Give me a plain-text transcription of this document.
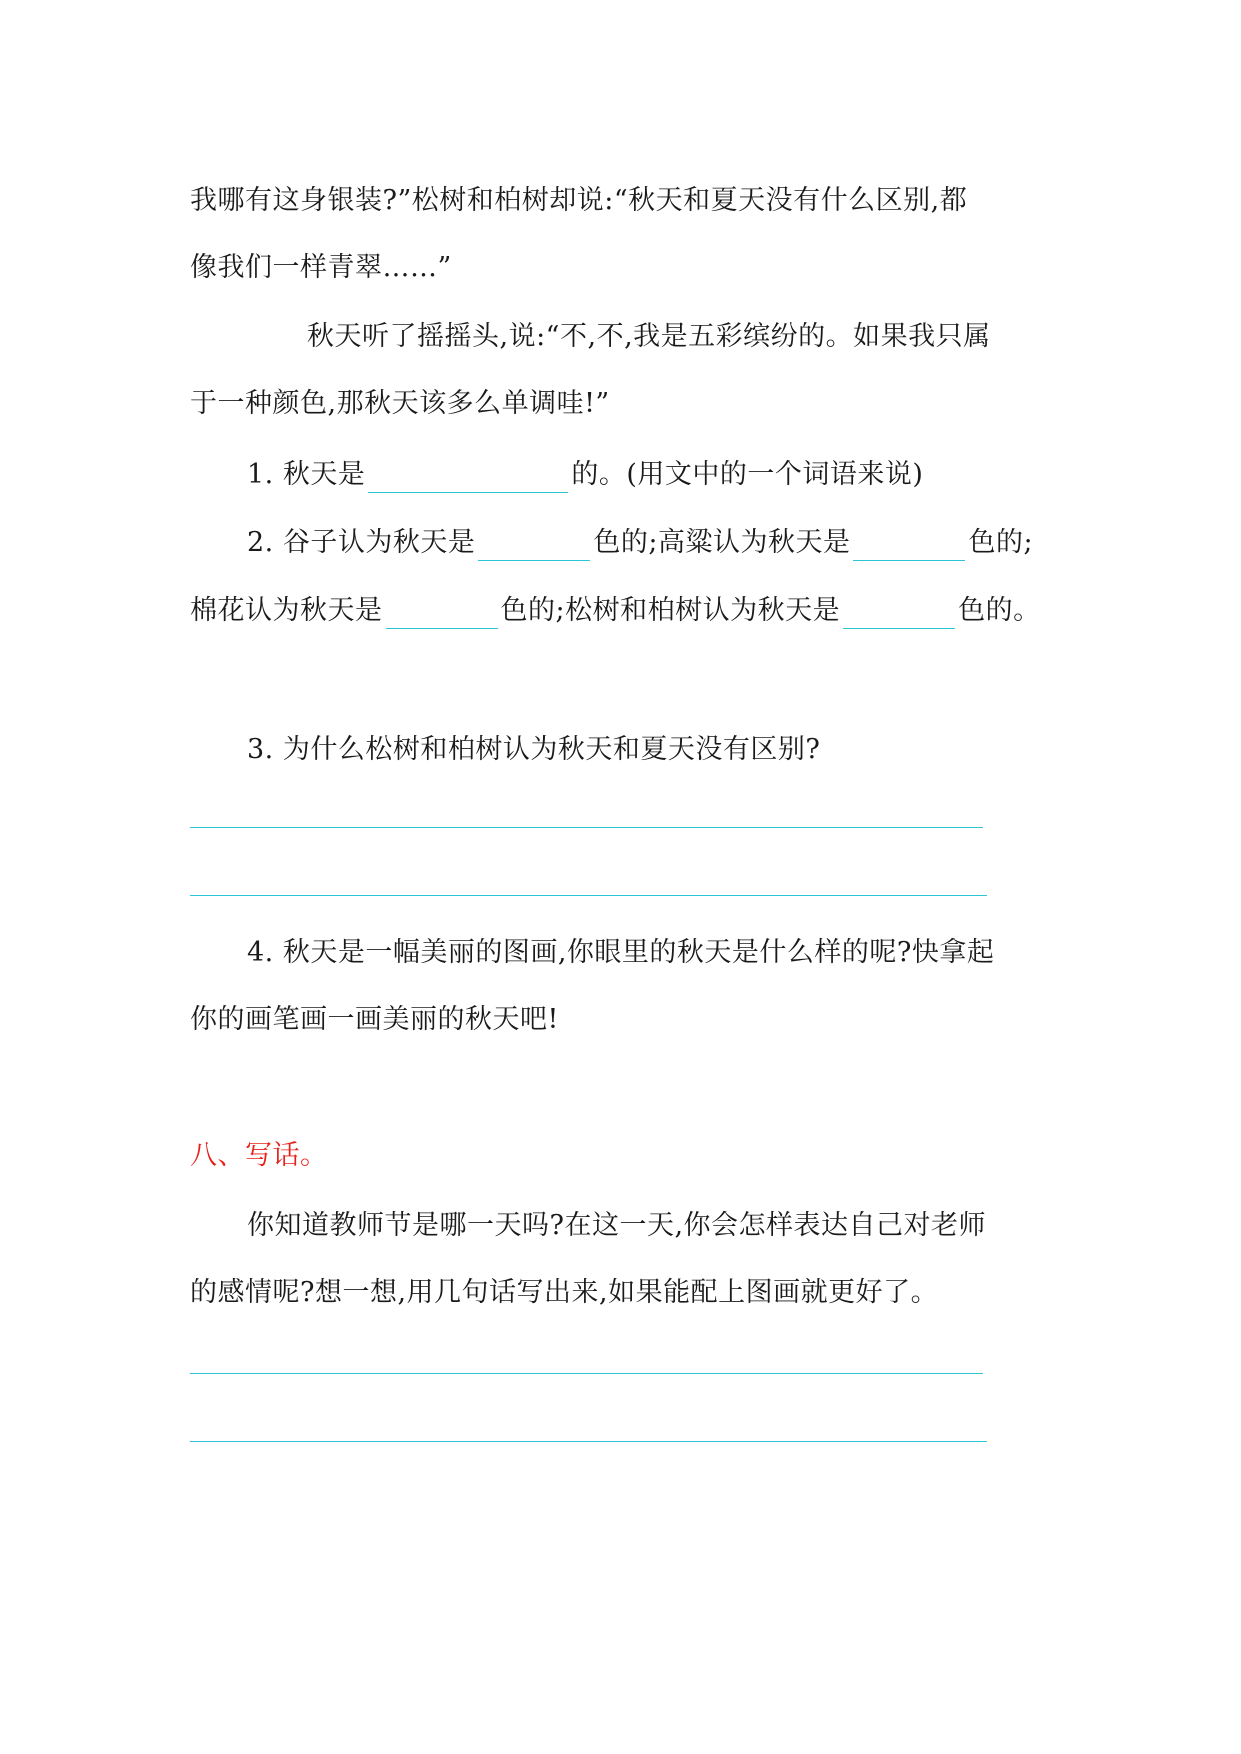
我哪有这身银装?”松树和柏树却说:“秋天和夏天没有什么区别,都
像我们一样青翠……”
秋天听了摇摇头,说:“不,不,我是五彩缤纷的。如果我只属
于一种颜色,那秋天该多么单调哇!”
1. 秋天是	的。(用文中的一个词语来说)
2. 谷子认为秋天是	色的;高粱认为秋天是	色的;
棉花认为秋天是	色的;松树和柏树认为秋天是	色的。
3. 为什么松树和柏树认为秋天和夏天没有区别?
4. 秋天是一幅美丽的图画,你眼里的秋天是什么样的呢?快拿起
你的画笔画一画美丽的秋天吧!
八、写话。
你知道教师节是哪一天吗?在这一天,你会怎样表达自己对老师
的感情呢?想一想,用几句话写出来,如果能配上图画就更好了。
